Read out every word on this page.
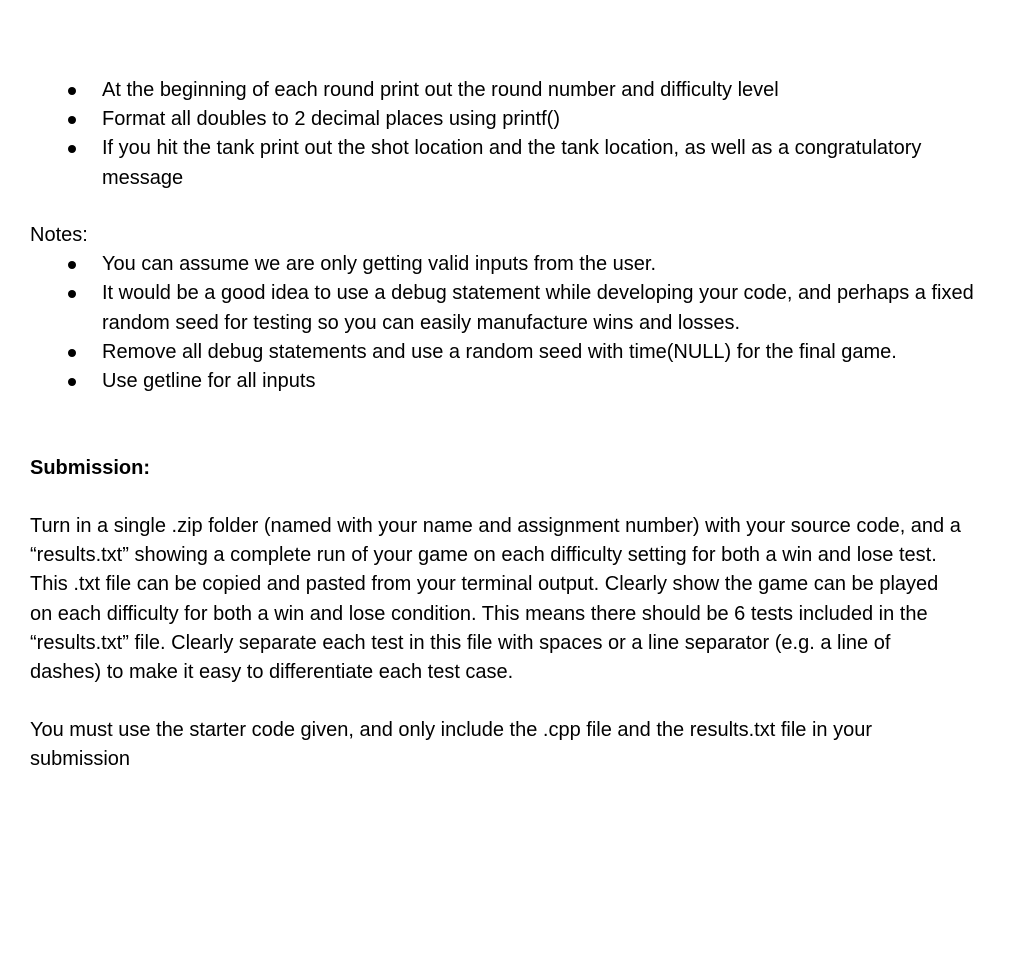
At the beginning of each round print out the round number and difficulty level
Format all doubles to 2 decimal places using printf()
If you hit the tank print out the shot location and the tank location, as well as a congratulatory message

Notes:

You can assume we are only getting valid inputs from the user.
It would be a good idea to use a debug statement while developing your code, and perhaps a fixed random seed for testing so you can easily manufacture wins and losses.
Remove all debug statements and use a random seed with time(NULL) for the final game.
Use getline for all inputs

Submission:

Turn in a single .zip folder (named with your name and assignment number) with your source code, and a “results.txt” showing a complete run of your game on each difficulty setting for both a win and lose test. This .txt file can be copied and pasted from your terminal output. Clearly show the game can be played on each difficulty for both a win and lose condition. This means there should be 6 tests included in the “results.txt” file. Clearly separate each test in this file with spaces or a line separator (e.g. a line of dashes) to make it easy to differentiate each test case.

You must use the starter code given, and only include the .cpp file and the results.txt file in your submission
